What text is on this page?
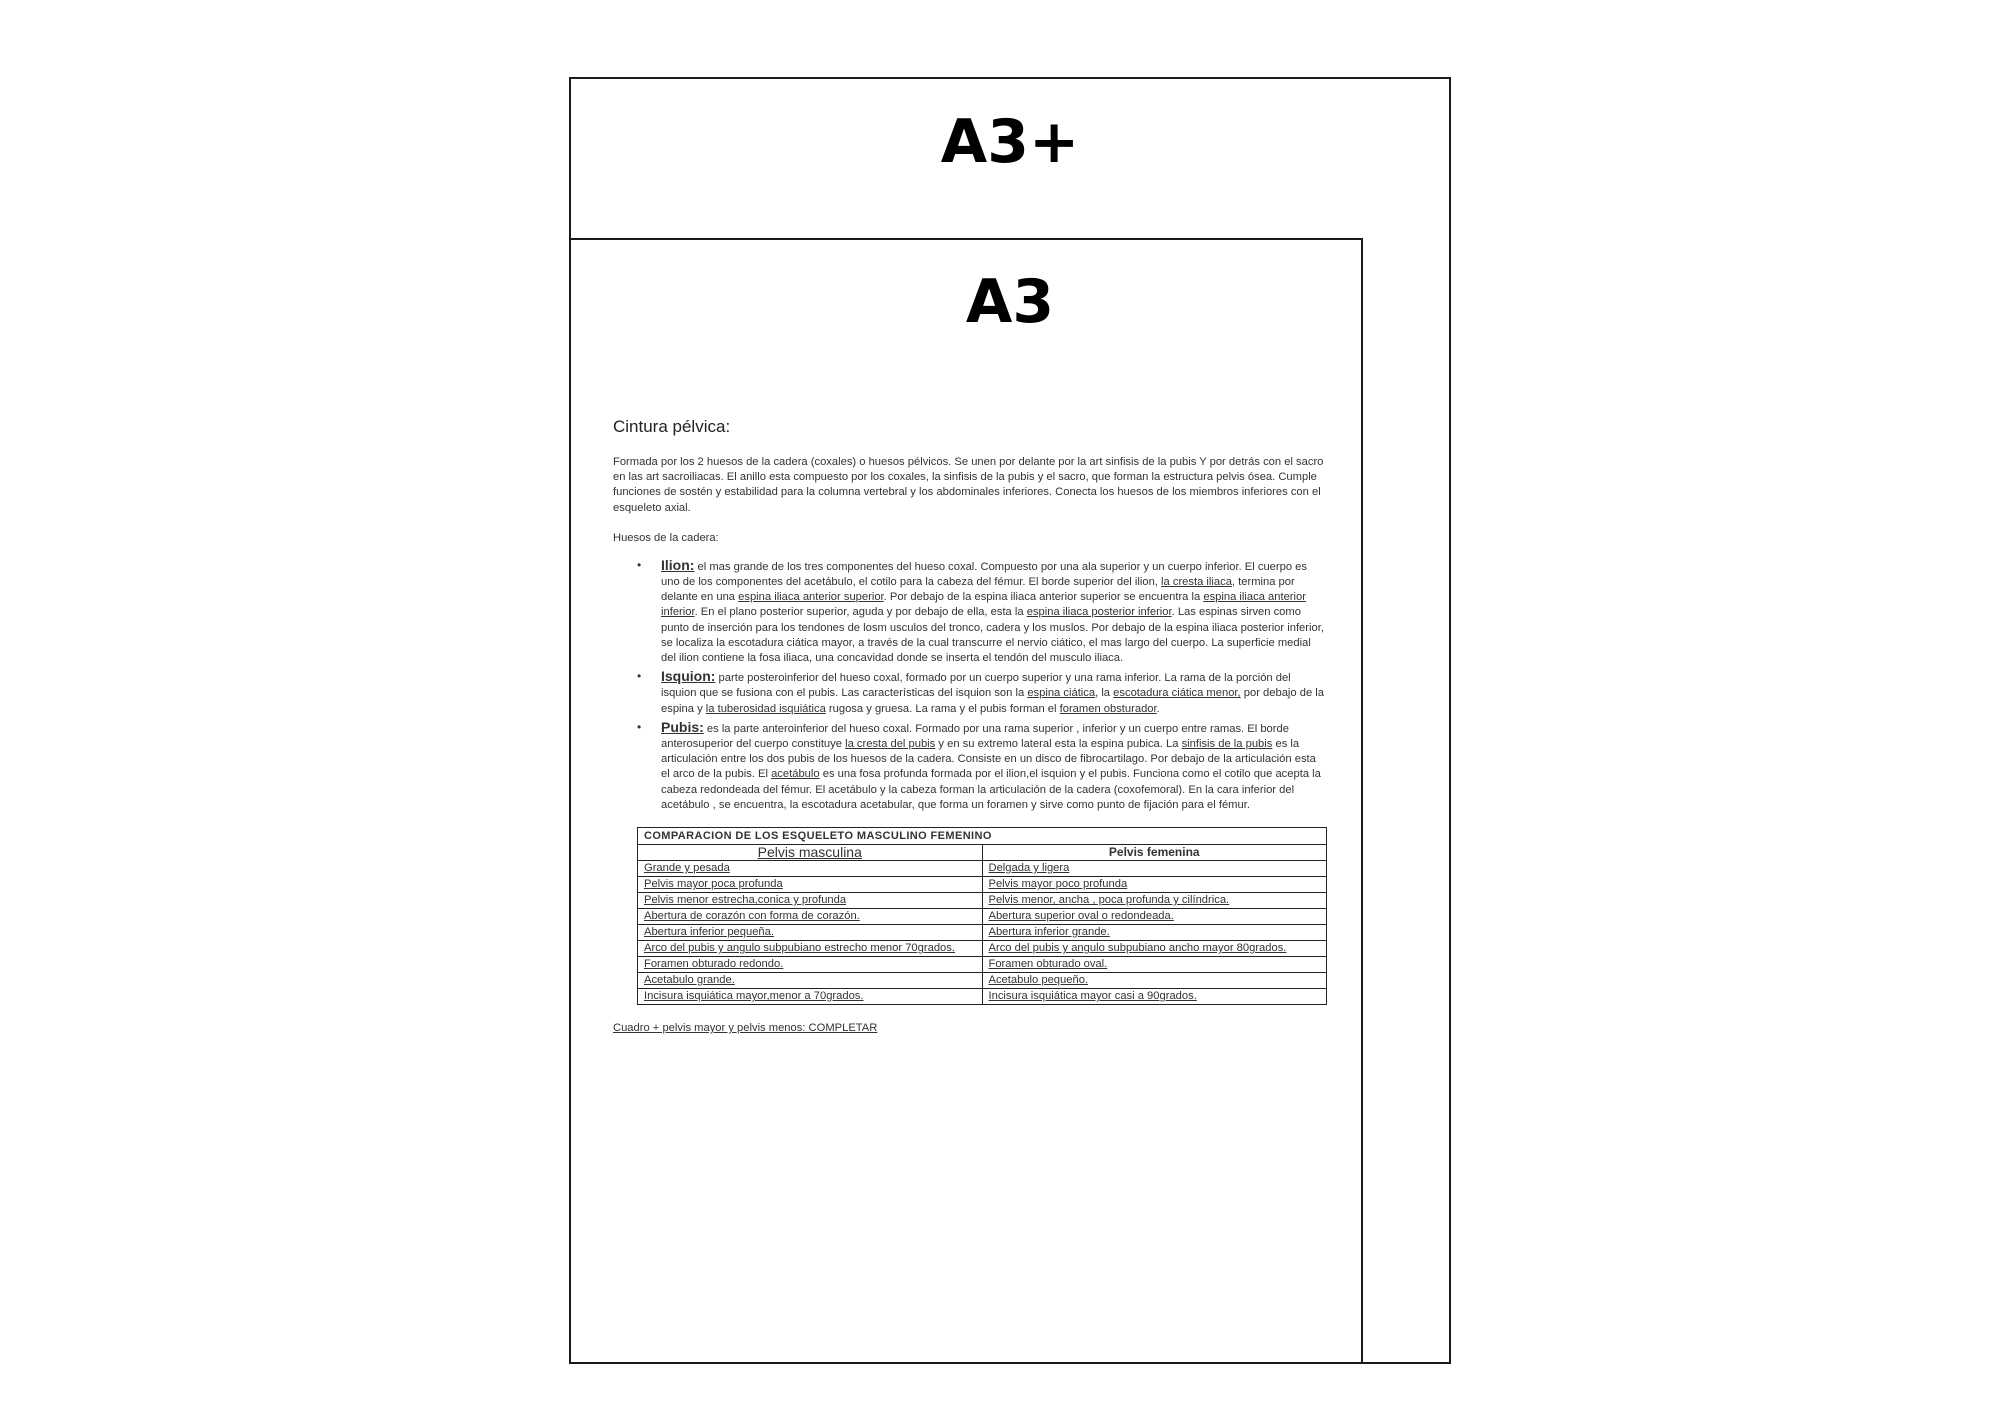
A3+
A3
Cintura pélvica:

Formada por los 2 huesos de la cadera (coxales) o huesos pélvicos. Se unen por delante por la art sinfisis de la pubis Y por detrás con el sacro en las art sacroiliacas. El anillo esta compuesto por los coxales, la sinfisis de la pubis y el sacro, que forman la estructura pelvis ósea. Cumple funciones de sostén y estabilidad para la columna vertebral y los abdominales inferiores. Conecta los huesos de los miembros inferiores con el esqueleto axial.

Huesos de la cadera:
• Ilion: el mas grande de los tres componentes del hueso coxal. Compuesto por una ala superior y un cuerpo inferior. El cuerpo es uno de los componentes del acetábulo, el cotilo para la cabeza del fémur. El borde superior del ilion, la cresta iliaca, termina por delante en una espina iliaca anterior superior. Por debajo de la espina iliaca anterior superior se encuentra la espina iliaca anterior inferior. En el plano posterior superior, aguda y por debajo de ella, esta la espina iliaca posterior inferior. Las espinas sirven como punto de inserción para los tendones de losm usculos del tronco, cadera y los muslos. Por debajo de la espina iliaca posterior inferior, se localiza la escotadura ciática mayor, a través de la cual transcurre el nervio ciático, el mas largo del cuerpo. La superficie medial del ilion contiene la fosa iliaca, una concavidad donde se inserta el tendón del musculo iliaca.
• Isquion: parte posteroinferior del hueso coxal, formado por un cuerpo superior y una rama inferior. La rama de la porción del isquion que se fusiona con el pubis. Las características del isquion son la espina ciática, la escotadura ciática menor, por debajo de la espina y la tuberosidad isquiática rugosa y gruesa. La rama y el pubis forman el foramen obsturador.
• Pubis: es la parte anteroinferior del hueso coxal. Formado por una rama superior , inferior y un cuerpo entre ramas. El borde anterosuperior del cuerpo constituye la cresta del pubis y en su extremo lateral esta la espina pubica. La sinfisis de la pubis es la articulación entre los dos pubis de los huesos de la cadera. Consiste en un disco de fibrocartilago. Por debajo de la articulación esta el arco de la pubis. El acetábulo es una fosa profunda formada por el ilion,el isquion y el pubis. Funciona como el cotilo que acepta la cabeza redondeada del fémur. El acetábulo y la cabeza forman la articulación de la cadera (coxofemoral). En la cara inferior del acetábulo , se encuentra, la escotadura acetabular, que forma un foramen y sirve como punto de fijación para el fémur.
COMPARACION DE LOS ESQUELETO MASCULINO FEMENINO	
Pelvis masculina	Pelvis femenina
Grande y pesada	Delgada y ligera
Pelvis mayor poca profunda	Pelvis mayor poco profunda
Pelvis menor estrecha,conica y profunda	Pelvis menor, ancha , poca profunda y cilíndrica.
Abertura de corazón con forma de corazón.	Abertura superior oval o redondeada.
Abertura inferior pequeña.	Abertura inferior grande.
Arco del pubis y angulo subpubiano estrecho menor 70grados.	Arco del pubis y angulo subpubiano ancho mayor 80grados.
Foramen obturado redondo.	Foramen obturado oval.
Acetabulo grande.	Acetabulo pequeño.
Incisura isquiática mayor,menor a 70grados.	Incisura isquiática mayor casi a 90grados.
Cuadro + pelvis mayor y pelvis menos: COMPLETAR
